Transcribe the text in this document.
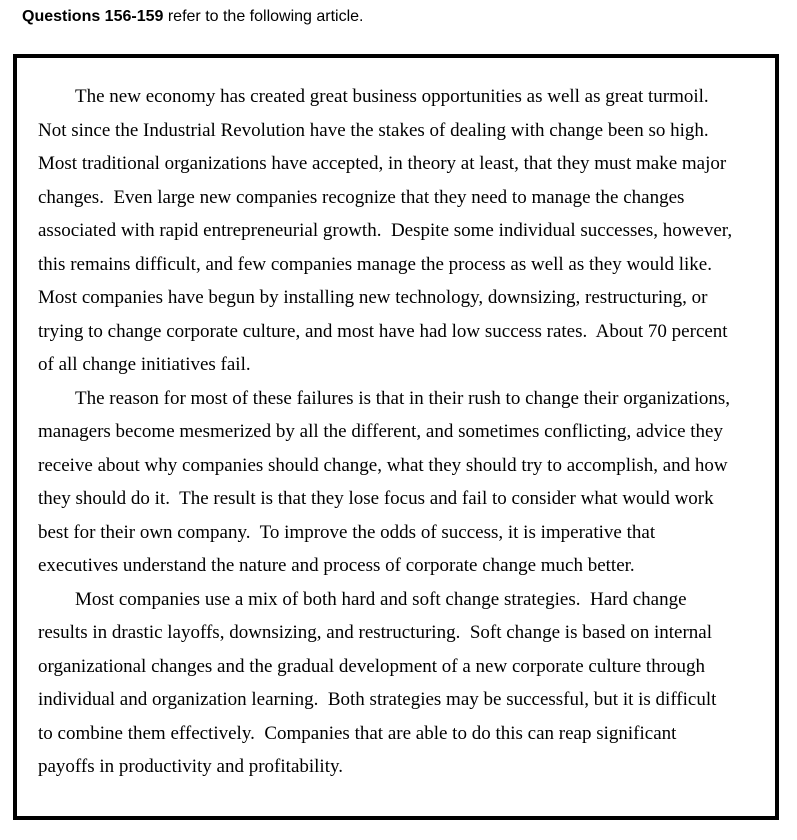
Questions 156-159 refer to the following article.
The new economy has created great business opportunities as well as great turmoil.
Not since the Industrial Revolution have the stakes of dealing with change been so high.
Most traditional organizations have accepted, in theory at least, that they must make major
changes.  Even large new companies recognize that they need to manage the changes
associated with rapid entrepreneurial growth.  Despite some individual successes, however,
this remains difficult, and few companies manage the process as well as they would like.
Most companies have begun by installing new technology, downsizing, restructuring, or
trying to change corporate culture, and most have had low success rates.  About 70 percent
of all change initiatives fail.
The reason for most of these failures is that in their rush to change their organizations,
managers become mesmerized by all the different, and sometimes conflicting, advice they
receive about why companies should change, what they should try to accomplish, and how
they should do it.  The result is that they lose focus and fail to consider what would work
best for their own company.  To improve the odds of success, it is imperative that
executives understand the nature and process of corporate change much better.
Most companies use a mix of both hard and soft change strategies.  Hard change
results in drastic layoffs, downsizing, and restructuring.  Soft change is based on internal
organizational changes and the gradual development of a new corporate culture through
individual and organization learning.  Both strategies may be successful, but it is difficult
to combine them effectively.  Companies that are able to do this can reap significant
payoffs in productivity and profitability.
